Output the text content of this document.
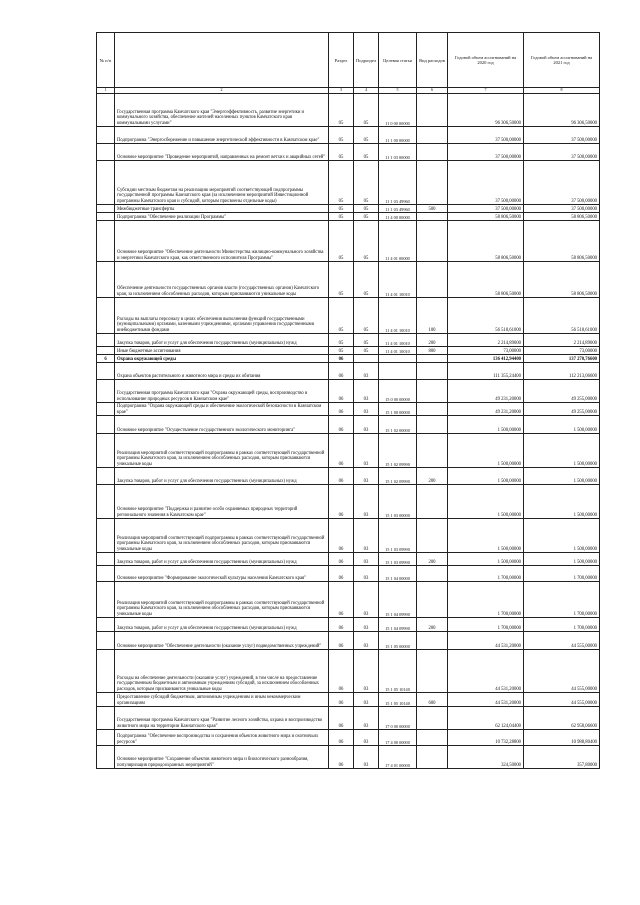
№ п/п		Раздел	Подраздел	Целевая статья	Вид расходов	Годовой объем ассигнований на 2020 год	Годовой объем ассигнований на 2021 год
1	2	3	4	5	6	7	8
	Государственная программа Камчатского края "Энергоэффективность, развитие энергетики и коммунального хозяйства, обеспечение жителей населенных пунктов Камчатского края коммунальными услугами"	05	05	11 0 00 00000		96 306,50000	96 306,50000
	Подпрограмма "Энергосбережение и повышение энергетической эффективности в Камчатском крае"	05	05	11 1 00 00000		37 500,00000	37 500,00000
	Основное мероприятие "Проведение мероприятий, направленных на ремонт ветхих и аварийных сетей"	05	05	11 1 03 00000		37 500,00000	37 500,00000
	Субсидии местным бюджетам на реализацию мероприятий соответствующей подпрограммы государственной программы Камчатского края (за исключением мероприятий Инвестиционной программы Камчатского края и субсидий, которым присвоены отдельные коды)	05	05	11 1 03 49960		37 500,00000	37 500,00000
	Межбюджетные трансферты	05	05	11 1 03 49960	500	37 500,00000	37 500,00000
	Подпрограмма "Обеспечение реализации Программы"	05	05	11 4 00 00000		58 806,50000	58 806,50000
	Основное мероприятие "Обеспечение деятельности Министерства жилищно-коммунального хозяйства и энергетики Камчатского края, как ответственного исполнителя Программы"	05	05	11 4 01 00000		58 806,50000	58 806,50000
	Обеспечение деятельности государственных органов власти (государственных органов) Камчатского края, за исключением обособленных расходов, которым присваиваются уникальные коды	05	05	11 4 01 10010		58 806,50000	58 806,50000
	Расходы на выплаты персоналу в целях обеспечения выполнения функций государственными (муниципальными) органами, казенными учреждениями, органами управления государственными внебюджетными фондами	05	05	11 4 01 10010	100	56 518,61000	56 518,61000
	Закупка товаров, работ и услуг для обеспечения государственных (муниципальных) нужд	05	05	11 4 01 10010	200	2 214,89000	2 214,89000
	Иные бюджетные ассигнования	05	05	11 4 01 10010	800	73,00000	73,00000
6	Охрана окружающей среды	06				136 412,94400	137 270,76600
	Охрана объектов растительного и животного мира и среды их обитания	06	03			111 355,24400	112 213,06600
	Государственная программа Камчатского края "Охрана окружающей среды, воспроизводство и использование природных ресурсов в Камчатском крае"	06	03	15 0 00 00000		49 231,20000	49 255,00000
	Подпрограмма "Охрана окружающей среды и обеспечение экологической безопасности в Камчатском крае"	06	03	15 1 00 00000		49 231,20000	49 255,00000
	Основное мероприятие "Осуществление государственного экологического мониторинга"	06	03	15 1 02 00000		1 500,00000	1 500,00000
	Реализация мероприятий соответствующей подпрограммы в рамках соответствующей государственной программы Камчатского края, за исключением обособленных расходов, которым присваиваются уникальные коды	06	03	15 1 02 09990		1 500,00000	1 500,00000
	Закупка товаров, работ и услуг для обеспечения государственных (муниципальных) нужд	06	03	15 1 02 09990	200	1 500,00000	1 500,00000
	Основное мероприятие "Поддержка и развитие особо охраняемых природных территорий регионального значения в Камчатском крае"	06	03	15 1 03 00000		1 500,00000	1 500,00000
	Реализация мероприятий соответствующей подпрограммы в рамках соответствующей государственной программы Камчатского края, за исключением обособленных расходов, которым присваиваются уникальные коды	06	03	15 1 03 09990		1 500,00000	1 500,00000
	Закупка товаров, работ и услуг для обеспечения государственных (муниципальных) нужд	06	03	15 1 03 09990	200	1 500,00000	1 500,00000
	Основное мероприятие "Формирование экологической культуры населения Камчатского края"	06	03	15 1 04 00000		1 700,00000	1 700,00000
	Реализация мероприятий соответствующей подпрограммы в рамках соответствующей государственной программы Камчатского края, за исключением обособленных расходов, которым присваиваются уникальные коды	06	03	15 1 04 09990		1 700,00000	1 700,00000
	Закупка товаров, работ и услуг для обеспечения государственных (муниципальных) нужд	06	03	15 1 04 09990	200	1 700,00000	1 700,00000
	Основное мероприятие "Обеспечение деятельности (оказание услуг) подведомственных учреждений"	06	03	15 1 05 00000		44 531,20000	44 555,00000
	Расходы на обеспечение деятельности (оказание услуг) учреждений, в том числе на предоставление государственным бюджетным и автономным учреждениям субсидий, за исключением обособленных расходов, которым присваиваются уникальные коды	06	03	15 1 05 10140		44 531,20000	44 555,00000
	Предоставление субсидий бюджетным, автономным учреждениям и иным некоммерческим организациям	06	03	15 1 05 10140	600	44 531,20000	44 555,00000
	Государственная программа Камчатского края "Развитие лесного хозяйства, охрана и воспроизводство животного мира на территории Камчатского края"	06	03	17 0 00 00000		62 124,04400	62 958,06600
	Подпрограмма "Обеспечение воспроизводства и сохранения объектов животного мира и охотничьих ресурсов"	06	03	17 4 00 00000		10 732,28800	10 988,80400
	Основное мероприятие "Сохранение объектов животного мира и биологического разнообразия, популяризация природоохранных мероприятий"	06	03	17 4 01 00000		324,50000	357,80000
